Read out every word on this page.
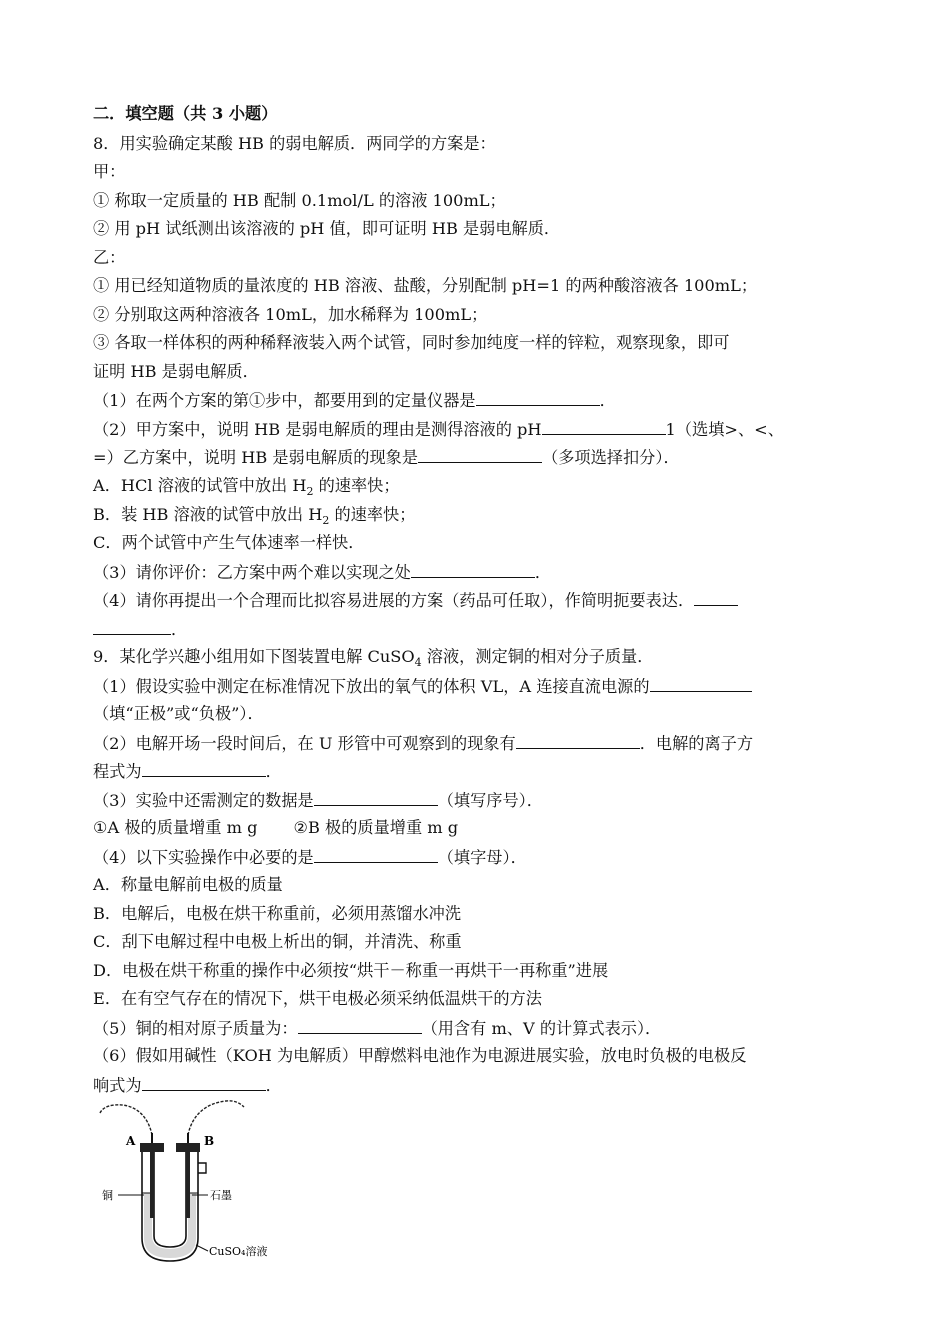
二．填空题（共 3 小题）
8．用实验确定某酸 HB 的弱电解质．两同学的方案是：
甲：
① 称取一定质量的 HB 配制 0.1mol/L 的溶液 100mL；
② 用 pH 试纸测出该溶液的 pH 值，即可证明 HB 是弱电解质．
乙：
① 用已经知道物质的量浓度的 HB 溶液、盐酸，分别配制 pH=1 的两种酸溶液各 100mL；
② 分别取这两种溶液各 10mL，加水稀释为 100mL；
③ 各取一样体积的两种稀释液装入两个试管，同时参加纯度一样的锌粒，观察现象，即可
证明 HB 是弱电解质．
（1）在两个方案的第①步中，都要用到的定量仪器是	．
（2）甲方案中，说明 HB 是弱电解质的理由是测得溶液的 pH	1（选填>、<、
=）乙方案中，说明 HB 是弱电解质的现象是	（多项选择扣分）．
A．HCl 溶液的试管中放出 $H_2$ 的速率快；
B．装 HB 溶液的试管中放出 $H_2$ 的速率快；
C．两个试管中产生气体速率一样快．
（3）请你评价：乙方案中两个难以实现之处	．
（4）请你再提出一个合理而比拟容易进展的方案（药品可任取），作简明扼要表达．
．
9．某化学兴趣小组用如下图装置电解 CuSO$_4$ 溶液，测定铜的相对分子质量．
（1）假设实验中测定在标准情况下放出的氧气的体积 VL，A 连接直流电源的
（填“正极”或“负极”）．
（2）电解开场一段时间后，在 U 形管中可观察到的现象有	．电解的离子方
程式为	．
（3）实验中还需测定的数据是	（填写序号）．
①A 极的质量增重 m g ②B 极的质量增重 m g
（4）以下实验操作中必要的是	（填字母）．
A．称量电解前电极的质量
B．电解后，电极在烘干称重前，必须用蒸馏水冲洗
C．刮下电解过程中电极上析出的铜，并清洗、称重
D．电极在烘干称重的操作中必须按“烘干－称重一再烘干一再称重”进展
E．在有空气存在的情况下，烘干电极必须采纳低温烘干的方法
（5）铜的相对原子质量为：	（用含有 m、V 的计算式表示）．
（6）假如用碱性（KOH 为电解质）甲醇燃料电池作为电源进展实验，放电时负极的电极反
响式为	．
A	B
铜	石墨
CuSO₄溶液
